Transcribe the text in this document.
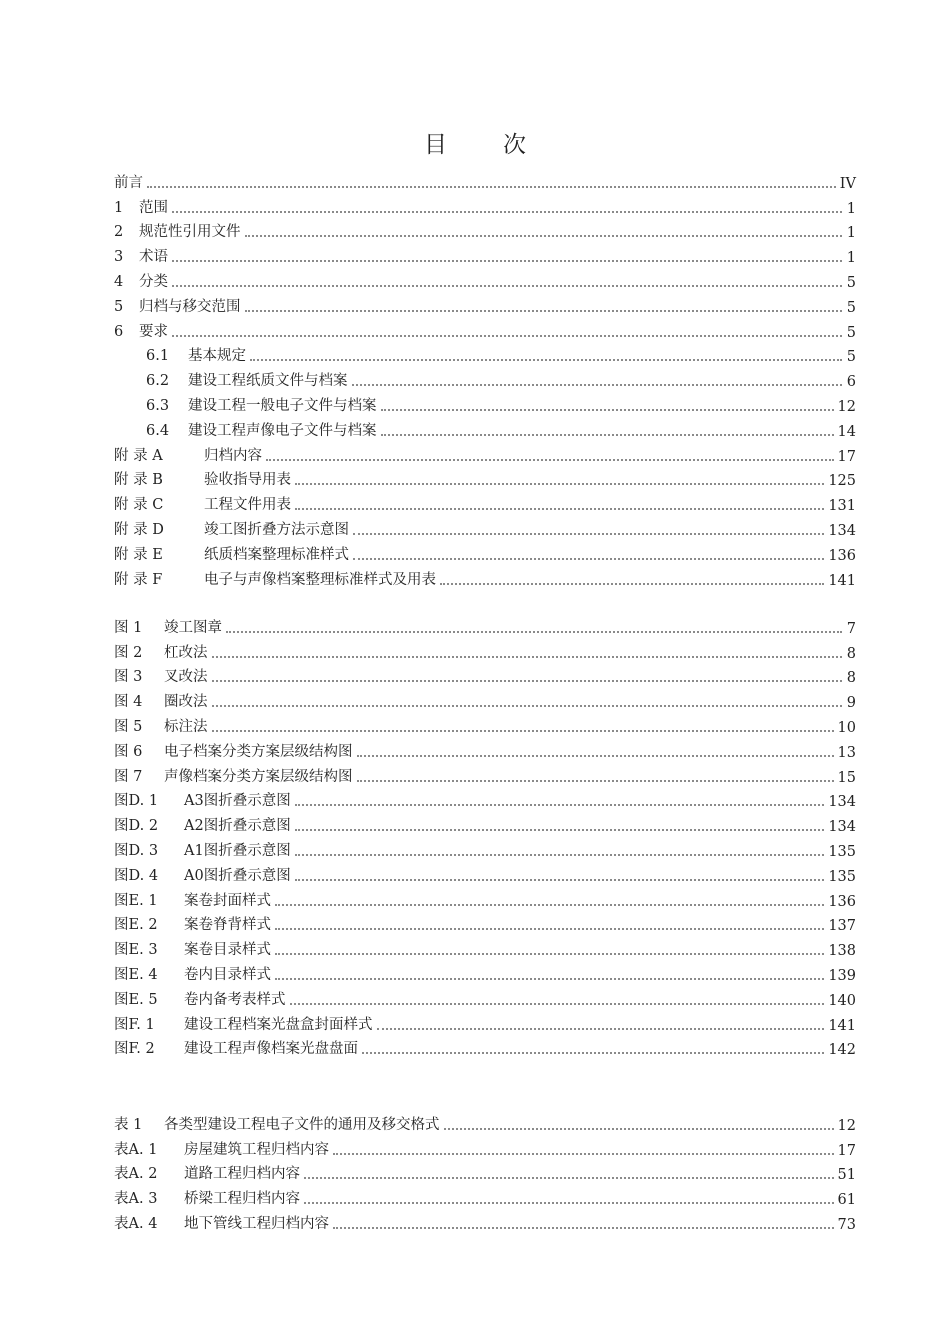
目 次
前言	IV
1 范围	1
2 规范性引用文件	1
3 术语	1
4 分类	5
5 归档与移交范围	5
6 要求	5
6.1 基本规定	5
6.2 建设工程纸质文件与档案	6
6.3 建设工程一般电子文件与档案	12
6.4 建设工程声像电子文件与档案	14
附 录 A	归档内容	17
附 录 B	验收指导用表	125
附 录 C	工程文件用表	131
附 录 D	竣工图折叠方法示意图	134
附 录 E	纸质档案整理标准样式	136
附 录 F	电子与声像档案整理标准样式及用表	141
图 1 竣工图章	7
图 2 杠改法	8
图 3 叉改法	8
图 4 圈改法	9
图 5 标注法	10
图 6 电子档案分类方案层级结构图	13
图 7 声像档案分类方案层级结构图	15
图D. 1 A3图折叠示意图	134
图D. 2 A2图折叠示意图	134
图D. 3 A1图折叠示意图	135
图D. 4 A0图折叠示意图	135
图E. 1 案卷封面样式	136
图E. 2 案卷脊背样式	137
图E. 3 案卷目录样式	138
图E. 4 卷内目录样式	139
图E. 5 卷内备考表样式	140
图F. 1 建设工程档案光盘盒封面样式	141
图F. 2 建设工程声像档案光盘盘面	142
表 1 各类型建设工程电子文件的通用及移交格式	12
表A. 1 房屋建筑工程归档内容	17
表A. 2 道路工程归档内容	51
表A. 3 桥梁工程归档内容	61
表A. 4 地下管线工程归档内容	73
